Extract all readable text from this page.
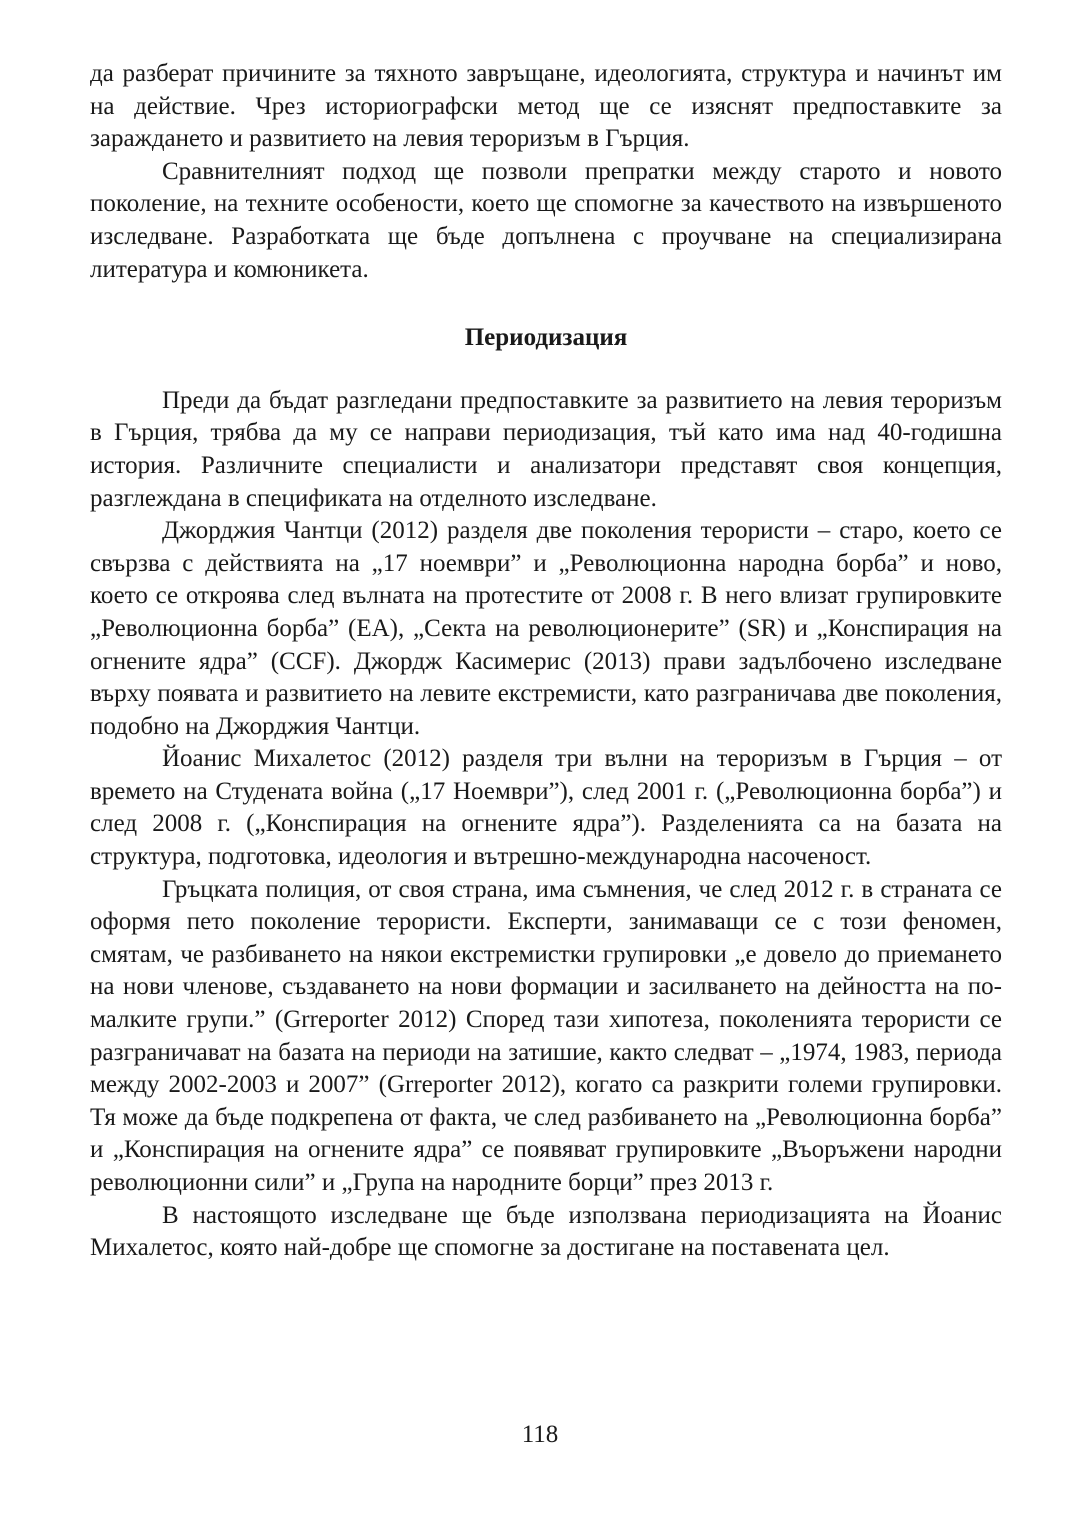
да разберат причините за тяхното завръщане, идеологията, структура и начинът им на действие. Чрез историографски метод ще се изяснят предпоставките за зараждането и развитието на левия тероризъм в Гърция.

Сравнителният подход ще позволи препратки между старото и новото поколение, на техните особености, което ще спомогне за качеството на извършеното изследване. Разработката ще бъде допълнена с проучване на специализирана литература и комюникета.

Периодизация

Преди да бъдат разгледани предпоставките за развитието на левия тероризъм в Гърция, трябва да му се направи периодизация, тъй като има над 40-годишна история. Различните специалисти и анализатори представят своя концепция, разглеждана в спецификата на отделното изследване.

Джорджия Чантци (2012) разделя две поколения терористи – старо, което се свързва с действията на „17 ноември” и „Революционна народна борба” и ново, което се откроява след вълната на протестите от 2008 г. В него влизат групировките „Революционна борба” (ЕА), „Секта на революционерите” (SR) и „Конспирация на огнените ядра” (CCF). Джордж Касимерис (2013) прави задълбочено изследване върху появата и развитието на левите екстремисти, като разграничава две поколения, подобно на Джорджия Чантци.

Йоанис Михалетос (2012) разделя три вълни на тероризъм в Гърция – от времето на Студената война („17 Ноември”), след 2001 г. („Революционна борба”) и след 2008 г. („Конспирация на огнените ядра”). Разделенията са на базата на структура, подготовка, идеология и вътрешно-международна насоченост.

Гръцката полиция, от своя страна, има съмнения, че след 2012 г. в страната се оформя пето поколение терористи. Експерти, занимаващи се с този феномен, смятам, че разбиването на някои екстремистки групировки „е довело до приемането на нови членове, създаването на нови формации и засилването на дейността на по-малките групи.” (Grreporter 2012) Според тази хипотеза, поколенията терористи се разграничават на базата на периоди на затишие, както следват – „1974, 1983, периода между 2002-2003 и 2007” (Grreporter 2012), когато са разкрити големи групировки. Тя може да бъде подкрепена от факта, че след разбиването на „Революционна борба” и „Конспирация на огнените ядра” се появяват групировките „Въоръжени народни революционни сили” и „Група на народните борци” през 2013 г.

В настоящото изследване ще бъде използвана периодизацията на Йоанис Михалетос, която най-добре ще спомогне за достигане на поставената цел.

118
